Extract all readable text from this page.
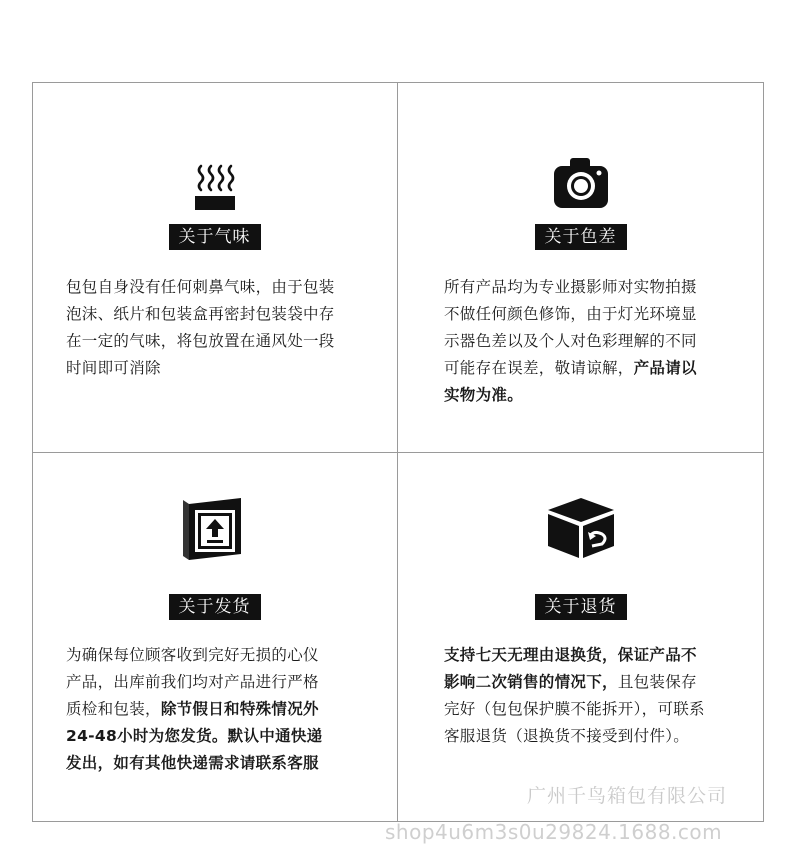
关于气味
包包自身没有任何刺鼻气味，由于包装
泡沫、纸片和包装盒再密封包装袋中存
在一定的气味，将包放置在通风处一段
时间即可消除
关于色差
所有产品均为专业摄影师对实物拍摄
不做任何颜色修饰，由于灯光环境显
示器色差以及个人对色彩理解的不同
可能存在误差，敬请谅解，产品请以
实物为准。
关于发货
为确保每位顾客收到完好无损的心仪
产品，出库前我们均对产品进行严格
质检和包装，除节假日和特殊情况外
24-48小时为您发货。默认中通快递
发出，如有其他快递需求请联系客服
关于退货
支持七天无理由退换货，保证产品不
影响二次销售的情况下，且包装保存
完好（包包保护膜不能拆开），可联系
客服退货（退换货不接受到付件）。
广州千鸟箱包有限公司
shop4u6m3s0u29824.1688.com
